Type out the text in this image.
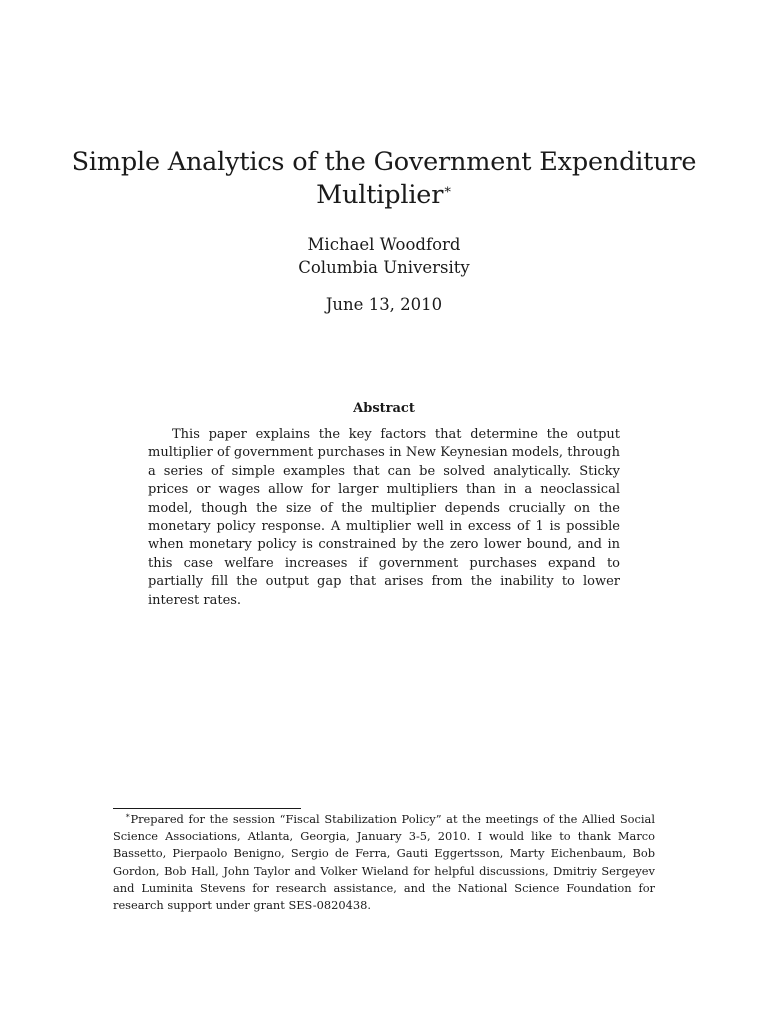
Simple Analytics of the Government Expenditure
Multiplier∗
Michael Woodford
Columbia University
June 13, 2010
Abstract

This paper explains the key factors that determine the output multiplier of government purchases in New Keynesian models, through a series of simple examples that can be solved analytically. Sticky prices or wages allow for larger multipliers than in a neoclassical model, though the size of the multiplier depends crucially on the monetary policy response. A multiplier well in excess of 1 is possible when monetary policy is constrained by the zero lower bound, and in this case welfare increases if government purchases expand to partially fill the output gap that arises from the inability to lower interest rates.

∗Prepared for the session “Fiscal Stabilization Policy” at the meetings of the Allied Social Science Associations, Atlanta, Georgia, January 3-5, 2010. I would like to thank Marco Bassetto, Pierpaolo Benigno, Sergio de Ferra, Gauti Eggertsson, Marty Eichenbaum, Bob Gordon, Bob Hall, John Taylor and Volker Wieland for helpful discussions, Dmitriy Sergeyev and Luminita Stevens for research assistance, and the National Science Foundation for research support under grant SES-0820438.
